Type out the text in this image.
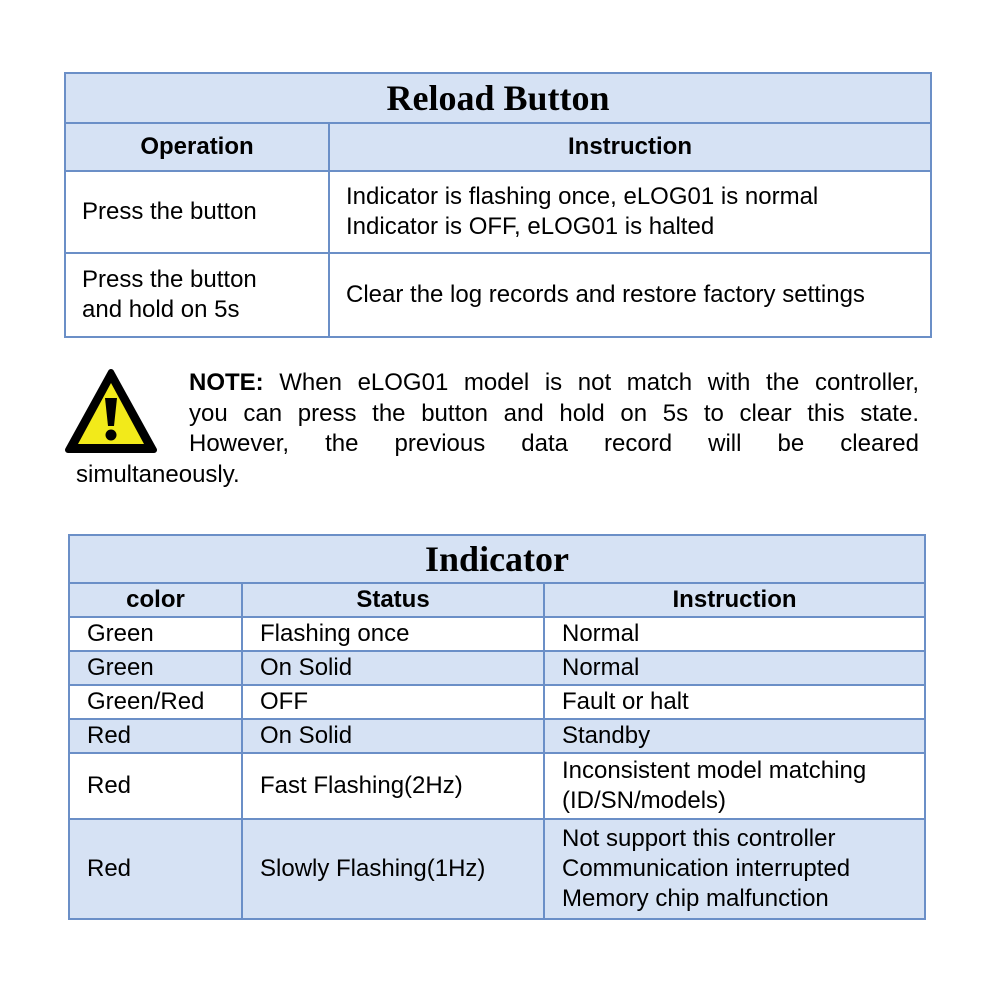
Reload Button	
Operation	Instruction

Press the button	Indicator is flashing once, eLOG01 is normal
Indicator is OFF, eLOG01 is halted

Press the button
and hold on 5s	Clear the log records and restore factory settings
NOTE: When eLOG01 model is not match with the controller,
you can press the button and hold on 5s to clear this state.
However, the previous data record will be cleared
simultaneously.
Indicator		
color	Status	Instruction
Green	Flashing once	Normal
Green	On Solid	Normal
Green/Red	OFF	Fault or halt
Red	On Solid	Standby
Red	Fast Flashing(2Hz)	Inconsistent model matching
(ID/SN/models)

Red	Slowly Flashing(1Hz)	Not support this controller
Communication interrupted
Memory chip malfunction
